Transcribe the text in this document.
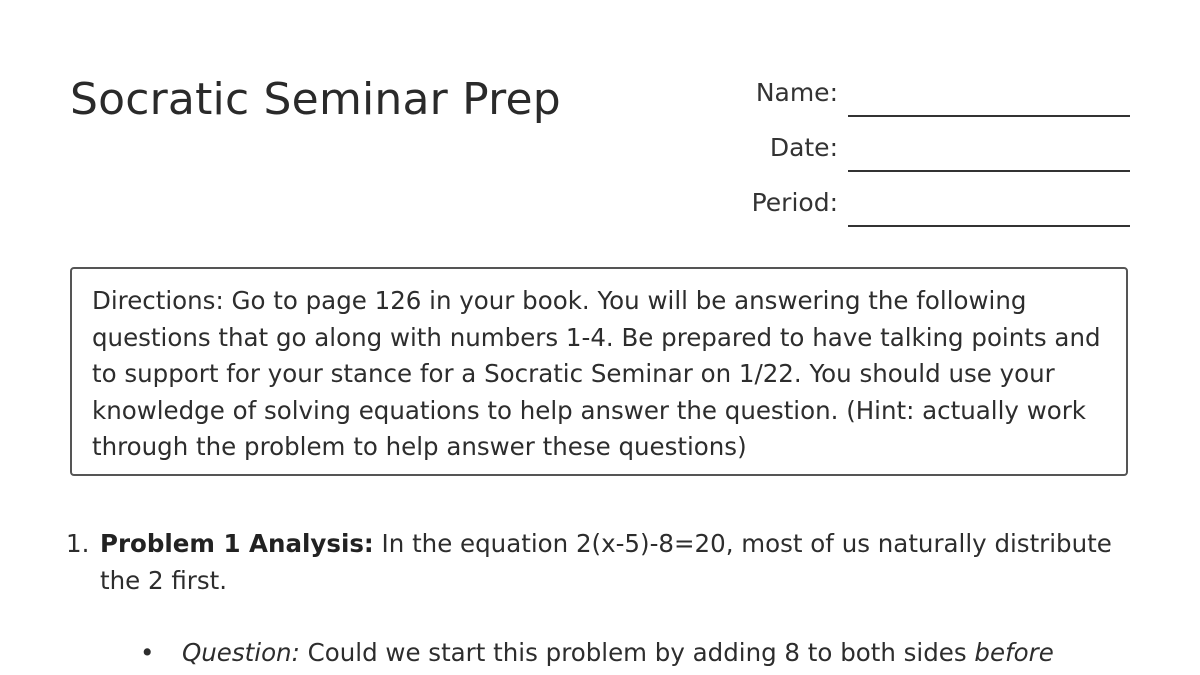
Socratic Seminar Prep	Name:
Date:
Period:

Directions: Go to page 126 in your book. You will be answering the following questions that go along with numbers 1-4. Be prepared to have talking points and to support for your stance for a Socratic Seminar on 1/22. You should use your knowledge of solving equations to help answer the question. (Hint: actually work through the problem to help answer these questions)

1. Problem 1 Analysis: In the equation 2(x-5)-8=20, most of us naturally distribute the 2 first.
• Question: Could we start this problem by adding 8 to both sides before
